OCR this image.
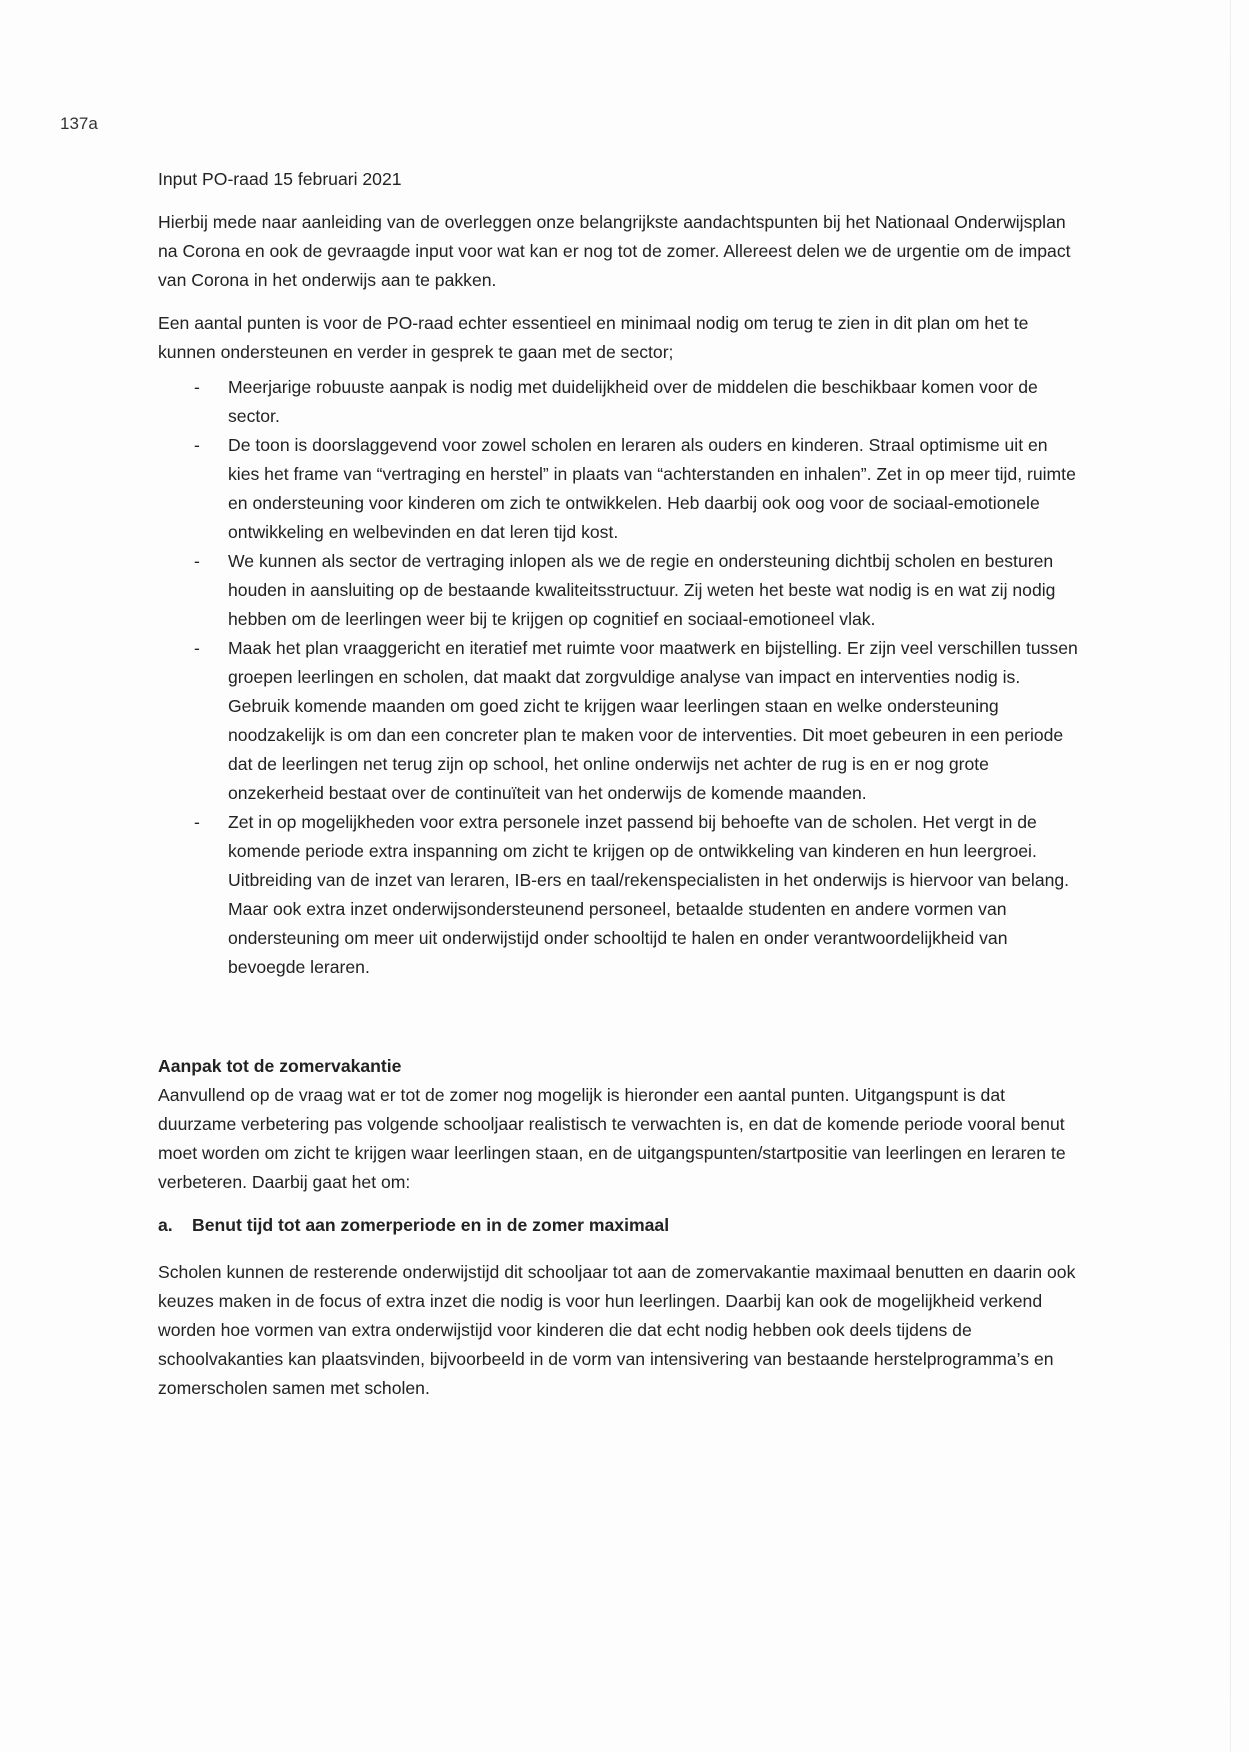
137a
Input PO-raad 15 februari 2021

Hierbij mede naar aanleiding van de overleggen onze belangrijkste aandachtspunten bij het Nationaal Onderwijsplan na Corona en ook de gevraagde input voor wat kan er nog tot de zomer. Allereest delen we de urgentie om de impact van Corona in het onderwijs aan te pakken.

Een aantal punten is voor de PO-raad echter essentieel en minimaal nodig om terug te zien in dit plan om het te kunnen ondersteunen en verder in gesprek te gaan met de sector;

- Meerjarige robuuste aanpak is nodig met duidelijkheid over de middelen die beschikbaar komen voor de sector.
- De toon is doorslaggevend voor zowel scholen en leraren als ouders en kinderen. Straal optimisme uit en kies het frame van “vertraging en herstel” in plaats van “achterstanden en inhalen”. Zet in op meer tijd, ruimte en ondersteuning voor kinderen om zich te ontwikkelen. Heb daarbij ook oog voor de sociaal-emotionele ontwikkeling en welbevinden en dat leren tijd kost.
- We kunnen als sector de vertraging inlopen als we de regie en ondersteuning dichtbij scholen en besturen houden in aansluiting op de bestaande kwaliteitsstructuur. Zij weten het beste wat nodig is en wat zij nodig hebben om de leerlingen weer bij te krijgen op cognitief en sociaal-emotioneel vlak.
- Maak het plan vraaggericht en iteratief met ruimte voor maatwerk en bijstelling. Er zijn veel verschillen tussen groepen leerlingen en scholen, dat maakt dat zorgvuldige analyse van impact en interventies nodig is. Gebruik komende maanden om goed zicht te krijgen waar leerlingen staan en welke ondersteuning noodzakelijk is om dan een concreter plan te maken voor de interventies. Dit moet gebeuren in een periode dat de leerlingen net terug zijn op school, het online onderwijs net achter de rug is en er nog grote onzekerheid bestaat over de continuïteit van het onderwijs de komende maanden.
- Zet in op mogelijkheden voor extra personele inzet passend bij behoefte van de scholen. Het vergt in de komende periode extra inspanning om zicht te krijgen op de ontwikkeling van kinderen en hun leergroei. Uitbreiding van de inzet van leraren, IB-ers en taal/rekenspecialisten in het onderwijs is hiervoor van belang. Maar ook extra inzet onderwijsondersteunend personeel, betaalde studenten en andere vormen van ondersteuning om meer uit onderwijstijd onder schooltijd te halen en onder verantwoordelijkheid van bevoegde leraren.
Aanpak tot de zomervakantie

Aanvullend op de vraag wat er tot de zomer nog mogelijk is hieronder een aantal punten. Uitgangspunt is dat duurzame verbetering pas volgende schooljaar realistisch te verwachten is, en dat de komende periode vooral benut moet worden om zicht te krijgen waar leerlingen staan, en de uitgangspunten/startpositie van leerlingen en leraren te verbeteren. Daarbij gaat het om:

a. Benut tijd tot aan zomerperiode en in de zomer maximaal

Scholen kunnen de resterende onderwijstijd dit schooljaar tot aan de zomervakantie maximaal benutten en daarin ook keuzes maken in de focus of extra inzet die nodig is voor hun leerlingen. Daarbij kan ook de mogelijkheid verkend worden hoe vormen van extra onderwijstijd voor kinderen die dat echt nodig hebben ook deels tijdens de schoolvakanties kan plaatsvinden, bijvoorbeeld in de vorm van intensivering van bestaande herstelprogramma’s en zomerscholen samen met scholen.
